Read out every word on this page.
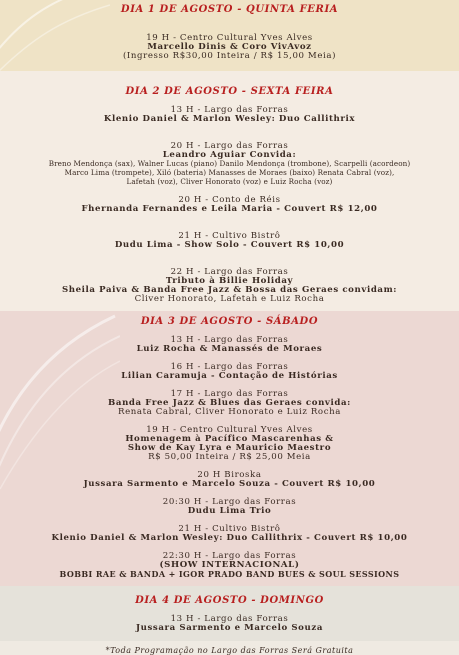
DIA 1 DE AGOSTO - QUINTA FERIA
19 H - Centro Cultural Yves Alves
Marcello Dinis & Coro VivAvoz
(Ingresso R$30,00 Inteira / R$ 15,00 Meia)
DIA 2 DE AGOSTO - SEXTA FEIRA
13 H - Largo das Forras
Klenio Daniel & Marlon Wesley: Duo Callithrix
20 H - Largo das Forras
Leandro Aguiar Convida:
Breno Mendonça (sax), Walner Lucas (piano) Danilo Mendonça (trombone), Scarpelli (acordeon)
Marco Lima (trompete), Xiló (bateria) Manasses de Moraes (baixo) Renata Cabral (voz),
Lafetah (voz), Cliver Honorato (voz) e Luiz Rocha (voz)
20 H - Conto de Réis
Fhernanda Fernandes e Leila Maria - Couvert R$ 12,00
21 H - Cultivo Bistrô
Dudu Lima - Show Solo - Couvert R$ 10,00
22 H - Largo das Forras
Tributo à Billie Holiday
Sheila Paiva & Banda Free Jazz & Bossa das Geraes convidam:
Cliver Honorato, Lafetah e Luiz Rocha
DIA 3 DE AGOSTO - SÁBADO
13 H - Largo das Forras
Luiz Rocha & Manassés de Moraes
16 H - Largo das Forras
Lilian Caramuja - Contação de Histórias
17 H - Largo das Forras
Banda Free Jazz & Blues das Geraes convida:
Renata Cabral, Cliver Honorato e Luiz Rocha
19 H - Centro Cultural Yves Alves
Homenagem à Pacífico Mascarenhas &
Show de Kay Lyra e Mauricio Maestro
R$ 50,00 Inteira / R$ 25,00 Meia
20 H Biroska
Jussara Sarmento e Marcelo Souza - Couvert R$ 10,00
20:30 H - Largo das Forras
Dudu Lima Trio
21 H - Cultivo Bistrô
Klenio Daniel & Marlon Wesley: Duo Callithrix - Couvert R$ 10,00
22:30 H - Largo das Forras
(SHOW INTERNACIONAL)
BOBBI RAE & BANDA + IGOR PRADO BAND BUES & SOUL SESSIONS
DIA 4 DE AGOSTO - DOMINGO
13 H - Largo das Forras
Jussara Sarmento e Marcelo Souza
*Toda Programação no Largo das Forras Será Gratuita
